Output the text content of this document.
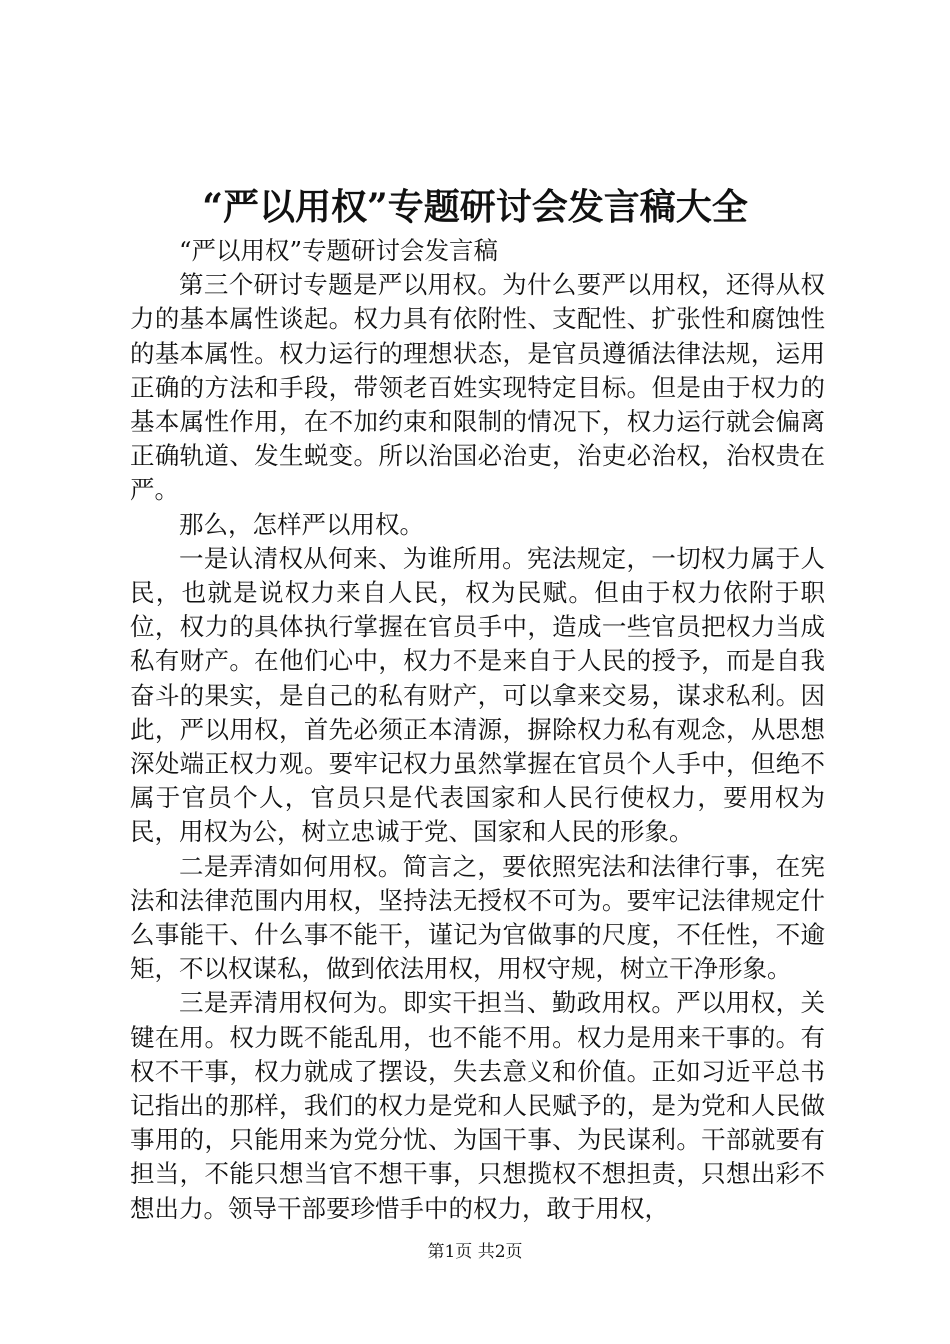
“严以用权”专题研讨会发言稿大全

“严以用权”专题研讨会发言稿

第三个研讨专题是严以用权。为什么要严以用权，还得从权力的基本属性谈起。权力具有依附性、支配性、扩张性和腐蚀性的基本属性。权力运行的理想状态，是官员遵循法律法规，运用正确的方法和手段，带领老百姓实现特定目标。但是由于权力的基本属性作用，在不加约束和限制的情况下，权力运行就会偏离正确轨道、发生蜕变。所以治国必治吏，治吏必治权，治权贵在严。

那么，怎样严以用权。

一是认清权从何来、为谁所用。宪法规定，一切权力属于人民，也就是说权力来自人民，权为民赋。但由于权力依附于职位，权力的具体执行掌握在官员手中，造成一些官员把权力当成私有财产。在他们心中，权力不是来自于人民的授予，而是自我奋斗的果实，是自己的私有财产，可以拿来交易，谋求私利。因此，严以用权，首先必须正本清源，摒除权力私有观念，从思想深处端正权力观。要牢记权力虽然掌握在官员个人手中，但绝不属于官员个人，官员只是代表国家和人民行使权力，要用权为民，用权为公，树立忠诚于党、国家和人民的形象。

二是弄清如何用权。简言之，要依照宪法和法律行事，在宪法和法律范围内用权，坚持法无授权不可为。要牢记法律规定什么事能干、什么事不能干，谨记为官做事的尺度，不任性，不逾矩，不以权谋私，做到依法用权，用权守规，树立干净形象。

三是弄清用权何为。即实干担当、勤政用权。严以用权，关键在用。权力既不能乱用，也不能不用。权力是用来干事的。有权不干事，权力就成了摆设，失去意义和价值。正如习近平总书记指出的那样，我们的权力是党和人民赋予的，是为党和人民做事用的，只能用来为党分忧、为国干事、为民谋利。干部就要有担当，不能只想当官不想干事，只想揽权不想担责，只想出彩不想出力。领导干部要珍惜手中的权力，敢于用权，

第1页 共2页
